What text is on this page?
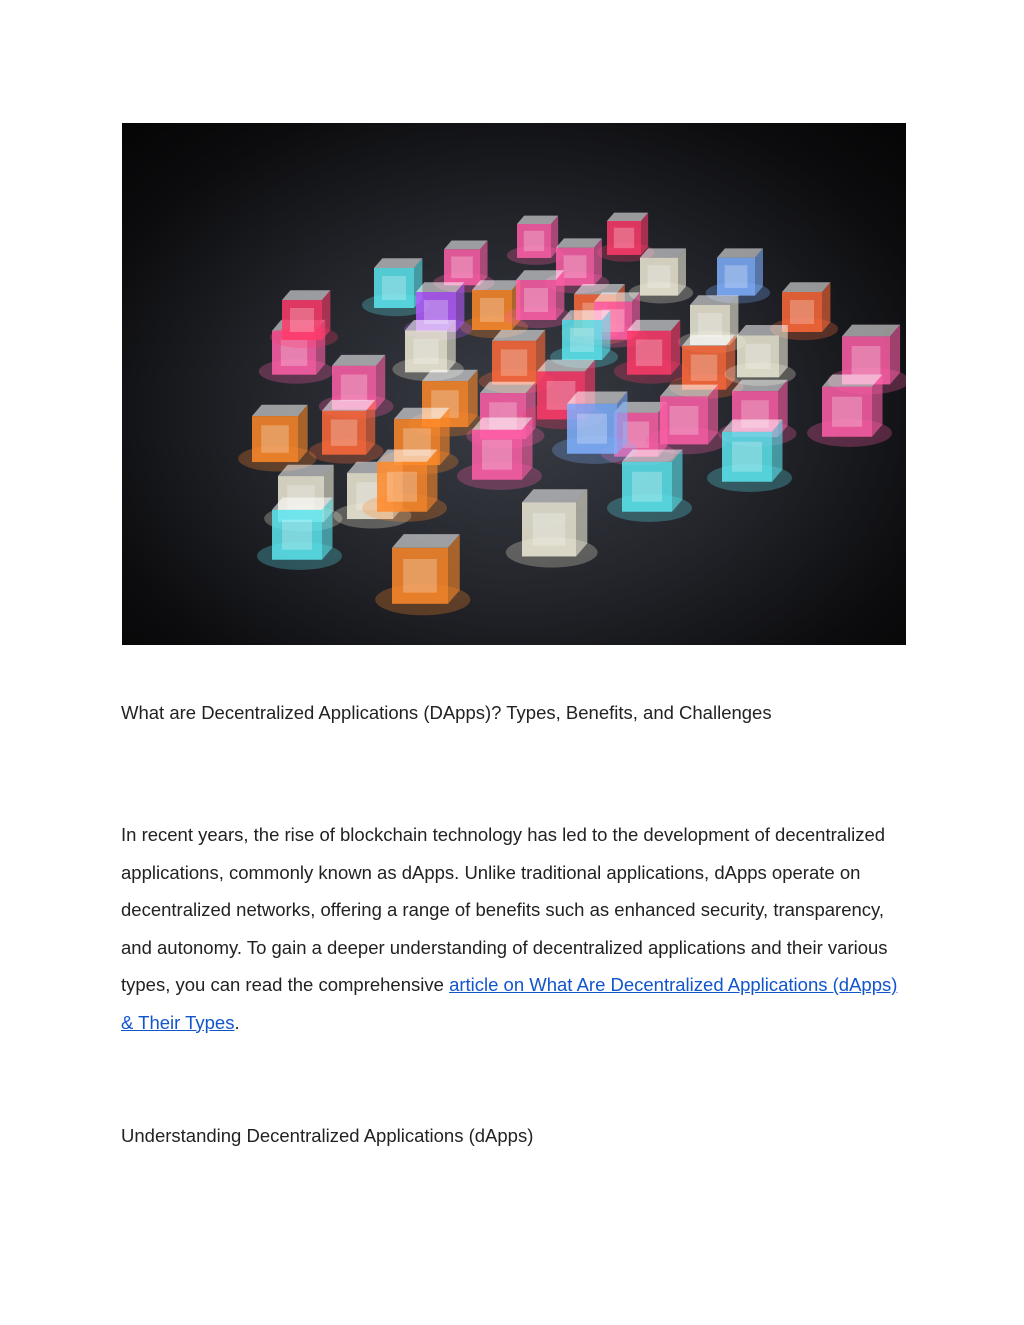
What are Decentralized Applications (DApps)? Types, Benefits, and Challenges

In recent years, the rise of blockchain technology has led to the development of decentralized applications, commonly known as dApps. Unlike traditional applications, dApps operate on decentralized networks, offering a range of benefits such as enhanced security, transparency, and autonomy. To gain a deeper understanding of decentralized applications and their various types, you can read the comprehensive article on What Are Decentralized Applications (dApps) & Their Types.

Understanding Decentralized Applications (dApps)
